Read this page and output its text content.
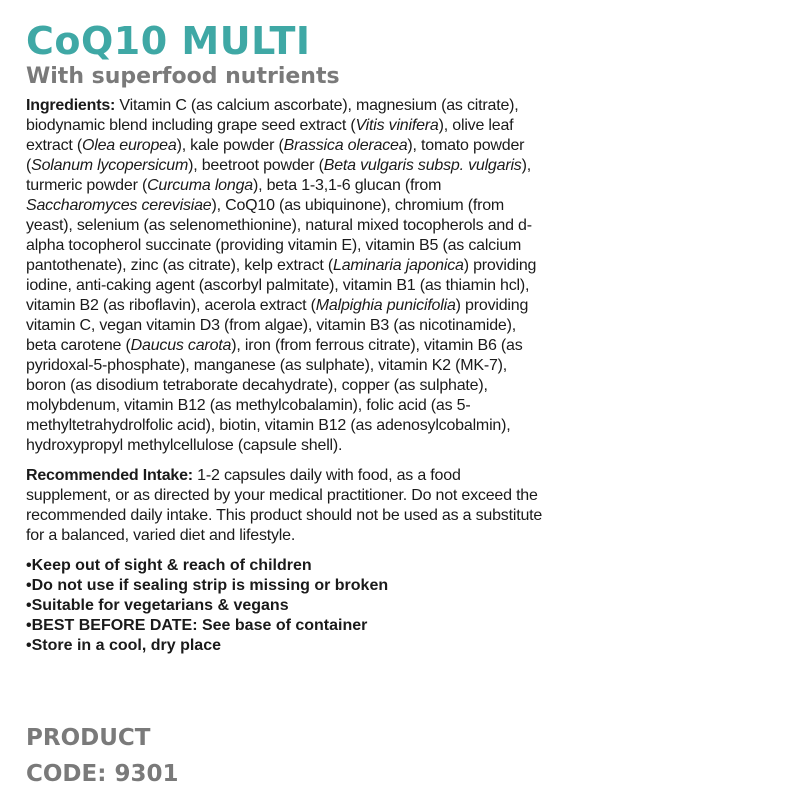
CoQ10 MULTI
With superfood nutrients

Ingredients: Vitamin C (as calcium ascorbate), magnesium (as citrate), biodynamic blend including grape seed extract (Vitis vinifera), olive leaf extract (Olea europea), kale powder (Brassica oleracea), tomato powder (Solanum lycopersicum), beetroot powder (Beta vulgaris subsp. vulgaris), turmeric powder (Curcuma longa), beta 1-3,1-6 glucan (from Saccharomyces cerevisiae), CoQ10 (as ubiquinone), chromium (from yeast), selenium (as selenomethionine), natural mixed tocopherols and d-alpha tocopherol succinate (providing vitamin E), vitamin B5 (as calcium pantothenate), zinc (as citrate), kelp extract (Laminaria japonica) providing iodine, anti-caking agent (ascorbyl palmitate), vitamin B1 (as thiamin hcl), vitamin B2 (as riboflavin), acerola extract (Malpighia punicifolia) providing vitamin C, vegan vitamin D3 (from algae), vitamin B3 (as nicotinamide), beta carotene (Daucus carota), iron (from ferrous citrate), vitamin B6 (as pyridoxal-5-phosphate), manganese (as sulphate), vitamin K2 (MK-7), boron (as disodium tetraborate decahydrate), copper (as sulphate), molybdenum, vitamin B12 (as methylcobalamin), folic acid (as 5-methyltetrahydrolfolic acid), biotin, vitamin B12 (as adenosylcobalmin), hydroxypropyl methylcellulose (capsule shell).

Recommended Intake: 1-2 capsules daily with food, as a food supplement, or as directed by your medical practitioner. Do not exceed the recommended daily intake. This product should not be used as a substitute for a balanced, varied diet and lifestyle.

• Keep out of sight & reach of children
• Do not use if sealing strip is missing or broken
• Suitable for vegetarians & vegans
• BEST BEFORE DATE: See base of container
• Store in a cool, dry place
PRODUCT
CODE: 9301
